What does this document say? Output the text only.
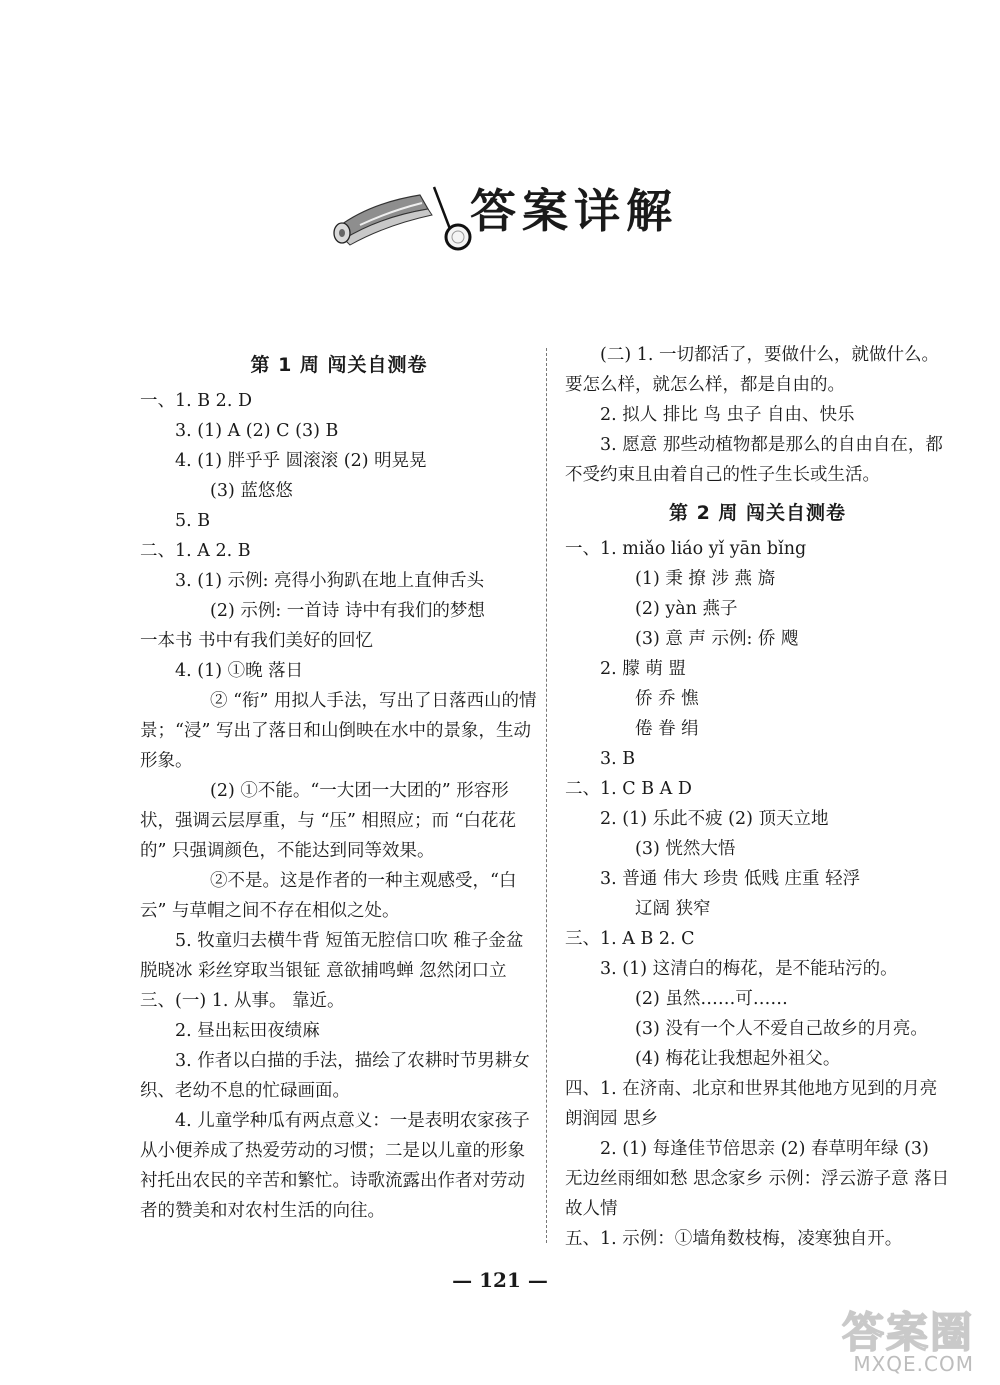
答案详解
第 1 周 闯关自测卷
一、1. B 2. D
3. (1) A (2) C (3) B
4. (1) 胖乎乎 圆滚滚 (2) 明晃晃
(3) 蓝悠悠
5. B
二、1. A 2. B
3. (1) 示例: 亮得小狗趴在地上直伸舌头
(2) 示例: 一首诗 诗中有我们的梦想
一本书 书中有我们美好的回忆
4. (1) ①晚 落日
② “衔” 用拟人手法，写出了日落西山的情景；“浸” 写出了落日和山倒映在水中的景象，生动形象。
(2) ①不能。“一大团一大团的” 形容形状，强调云层厚重，与 “压” 相照应；而 “白花花的” 只强调颜色，不能达到同等效果。
②不是。这是作者的一种主观感受，“白云” 与草帽之间不存在相似之处。
5. 牧童归去横牛背 短笛无腔信口吹 稚子金盆脱晓冰 彩丝穿取当银钲 意欲捕鸣蝉 忽然闭口立
三、(一) 1. 从事。 靠近。
2. 昼出耘田夜绩麻
3. 作者以白描的手法，描绘了农耕时节男耕女织、老幼不息的忙碌画面。
4. 儿童学种瓜有两点意义：一是表明农家孩子从小便养成了热爱劳动的习惯；二是以儿童的形象衬托出农民的辛苦和繁忙。诗歌流露出作者对劳动者的赞美和对农村生活的向往。
(二) 1. 一切都活了，要做什么，就做什么。要怎么样，就怎么样，都是自由的。
2. 拟人 排比 鸟 虫子 自由、快乐
3. 愿意 那些动植物都是那么的自由自在，都不受约束且由着自己的性子生长或生活。
第 2 周 闯关自测卷
一、1. miǎo liáo yǐ yān bǐng
(1) 秉 撩 涉 燕 旖
(2) yàn 燕子
(3) 意 声 示例: 侨 飕
2. 朦 萌 盟
侨 乔 憔
倦 眷 绢
3. B
二、1. C B A D
2. (1) 乐此不疲 (2) 顶天立地
(3) 恍然大悟
3. 普通 伟大 珍贵 低贱 庄重 轻浮
辽阔 狭窄
三、1. A B 2. C
3. (1) 这清白的梅花，是不能玷污的。
(2) 虽然……可……
(3) 没有一个人不爱自己故乡的月亮。
(4) 梅花让我想起外祖父。
四、1. 在济南、北京和世界其他地方见到的月亮
朗润园 思乡
2. (1) 每逢佳节倍思亲 (2) 春草明年绿 (3) 无边丝雨细如愁 思念家乡 示例：浮云游子意 落日故人情
五、1. 示例：①墙角数枝梅，凌寒独自开。
— 121 —
答案圈
MXQE.COM
